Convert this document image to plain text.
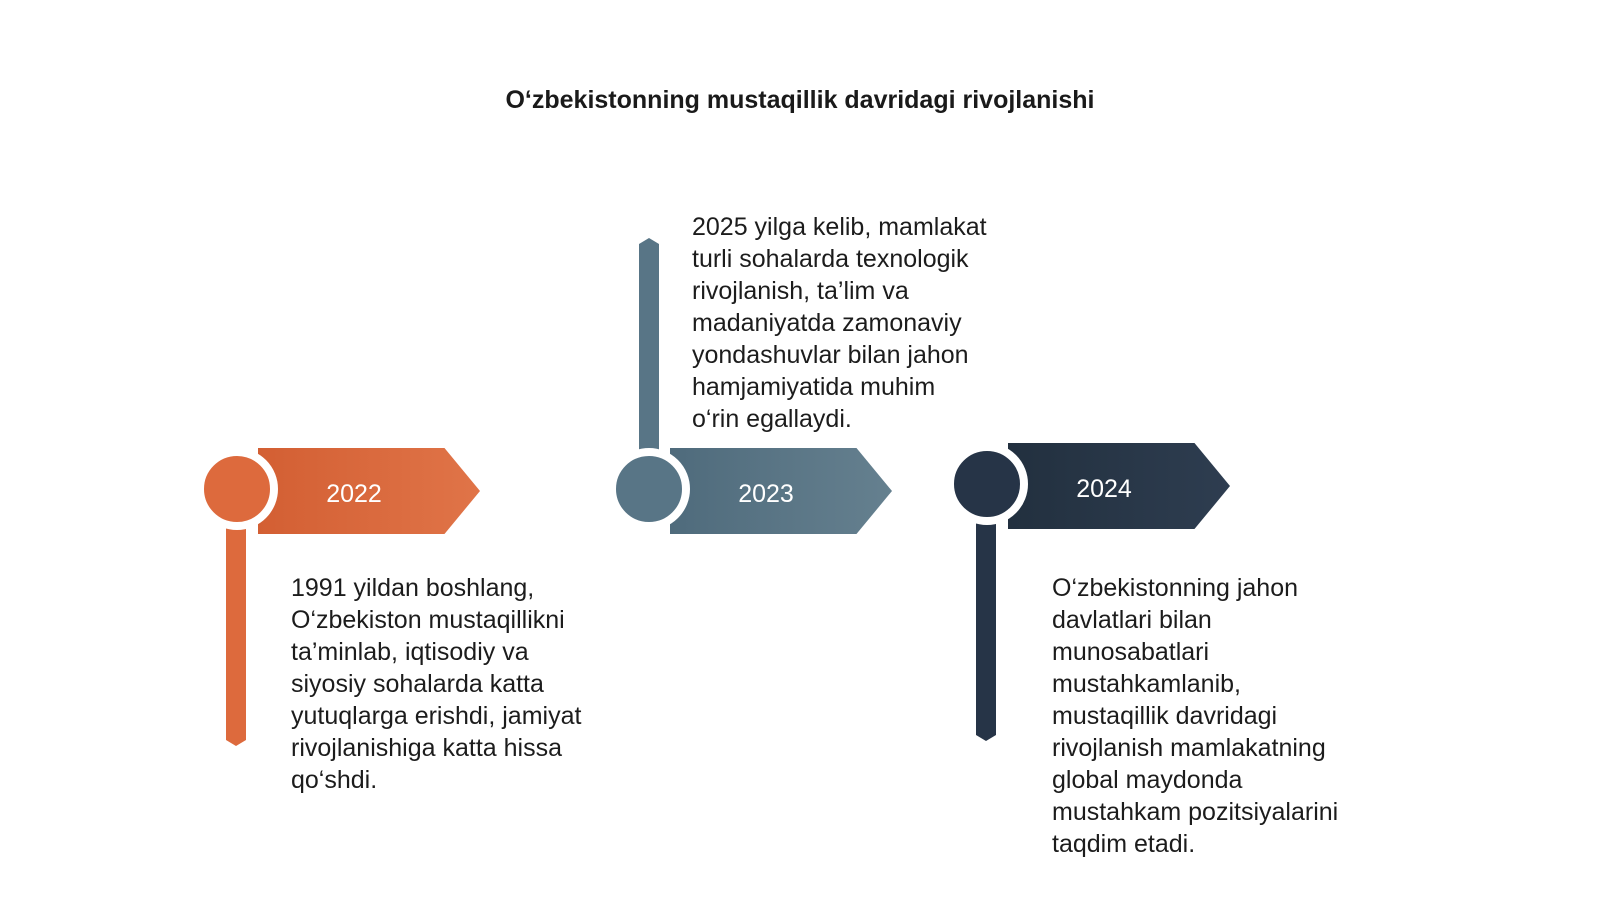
O‘zbekistonning mustaqillik davridagi rivojlanishi
2022
1991 yildan boshlang,
O‘zbekiston mustaqillikni
ta’minlab, iqtisodiy va
siyosiy sohalarda katta
yutuqlarga erishdi, jamiyat
rivojlanishiga katta hissa
qo‘shdi.
2023
2025 yilga kelib, mamlakat
turli sohalarda texnologik
rivojlanish, ta’lim va
madaniyatda zamonaviy
yondashuvlar bilan jahon
hamjamiyatida muhim
o‘rin egallaydi.
2024
O‘zbekistonning jahon
davlatlari bilan
munosabatlari
mustahkamlanib,
mustaqillik davridagi
rivojlanish mamlakatning
global maydonda
mustahkam pozitsiyalarini
taqdim etadi.
